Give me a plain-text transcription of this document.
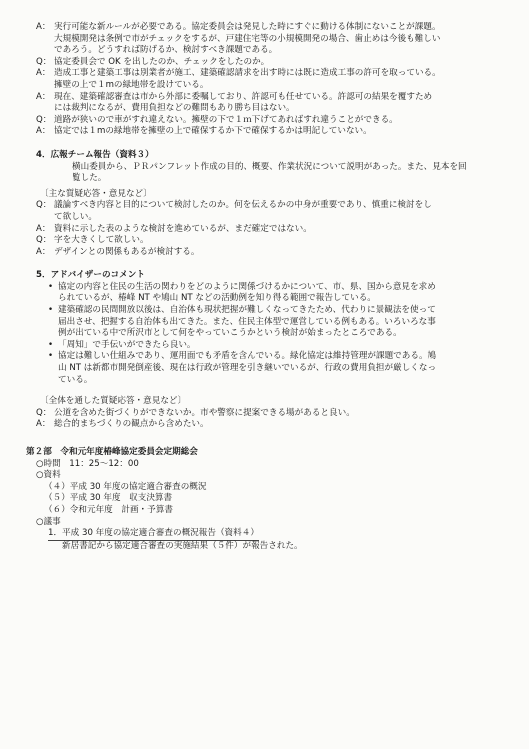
A： 実行可能な新ルールが必要である。協定委員会は発見した時にすぐに動ける体制にないことが課題。
大規模開発は条例で市がチェックをするが、戸建住宅等の小規模開発の場合、歯止めは今後も難しい
であろう。どうすれば防げるか、検討すべき課題である。
Q： 協定委員会で OK を出したのか、チェックをしたのか。
A： 造成工事と建築工事は別業者が施工、建築確認請求を出す時には既に造成工事の許可を取っている。
擁壁の上で１mの緑地帯を設けている。
A： 現在、建築確認審査は市から外部に委嘱しており、許認可も任せている。許認可の結果を覆すため
には裁判になるが、費用負担などの難問もあり勝ち目はない。
Q： 道路が狭いので車がすれ違えない。擁壁の下で１ｍ下げてあればすれ違うことができる。
A： 協定では１mの緑地帯を擁壁の上で確保するか下で確保するかは明記していない。
4．広報チーム報告（資料３）
横山委員から、ＰＲパンフレット作成の目的、概要、作業状況について説明があった。また、見本を回
覧した。
〔主な質疑応答・意見など〕
Q： 議論すべき内容と目的について検討したのか。何を伝えるかの中身が重要であり、慎重に検討をし
て欲しい。
A： 資料に示した表のような検討を進めているが、まだ確定ではない。
Q： 字を大きくして欲しい。
A： デザインとの関係もあるが検討する。
5．アドバイザーのコメント
• 協定の内容と住民の生活の関わりをどのように関係づけるかについて、市、県、国から意見を求め
られているが、椿峰 NT や鳩山 NT などの活動例を知り得る範囲で報告している。
• 建築確認の民間開放以後は、自治体も現状把握が難しくなってきたため、代わりに景観法を使って
届出させ、把握する自治体も出てきた。また、住民主体型で運営している例もある。いろいろな事
例が出ている中で所沢市として何をやっていこうかという検討が始まったところである。
• 「周知」で手伝いができたら良い。
• 協定は難しい仕組みであり、運用面でも矛盾を含んでいる。緑化協定は維持管理が課題である。鳩
山 NT は新都市開発倒産後、現在は行政が管理を引き継いでいるが、行政の費用負担が厳しくなっ
ている。
〔全体を通した質疑応答・意見など〕
Q： 公道を含めた街づくりができないか。市や警察に提案できる場があると良い。
A： 総合的まちづくりの観点から含めたい。
第２部　令和元年度椿峰協定委員会定期総会
○時間　11：25～12：00
○資料
（４）平成 30 年度の協定適合審査の概況
（５）平成 30 年度　収支決算書
（６）令和元年度　計画・予算書
○議事
1．平成 30 年度の協定適合審査の概況報告（資料４）
新居書記から協定適合審査の実施結果（５件）が報告された。
